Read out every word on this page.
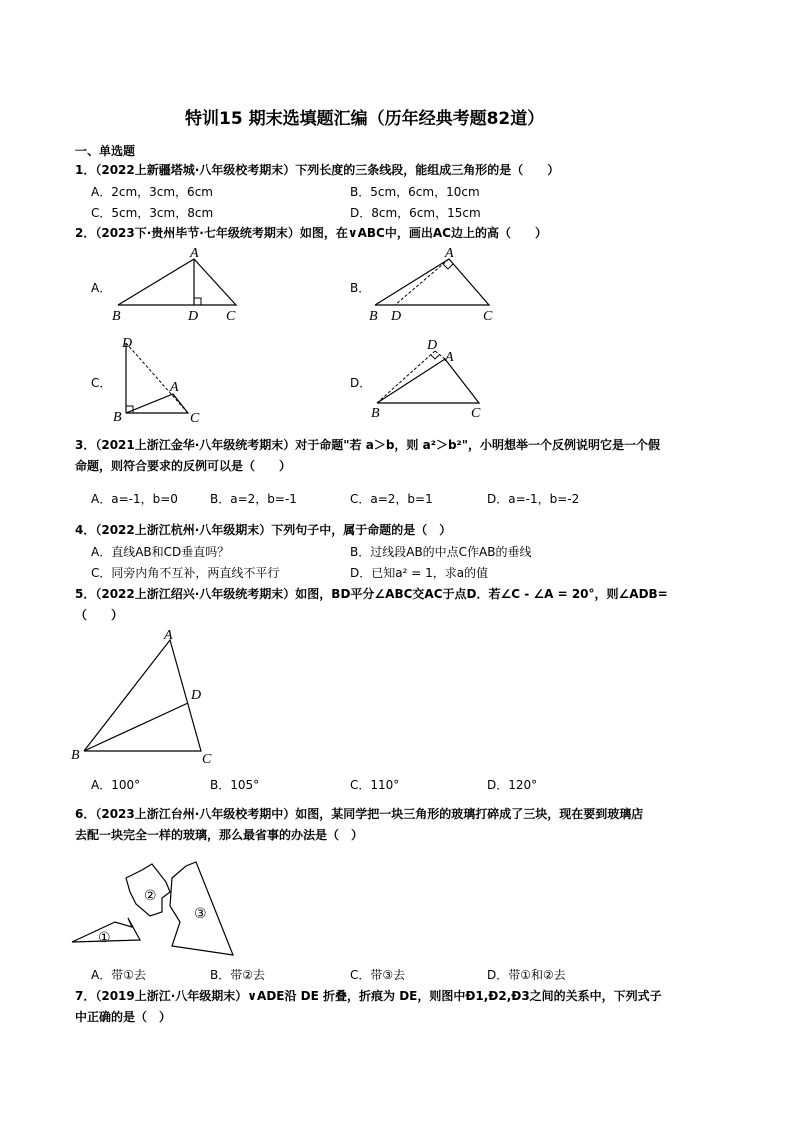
特训15 期末选填题汇编（历年经典考题82道）
一、单选题
1．（2022上新疆塔城·八年级校考期末）下列长度的三条线段，能组成三角形的是（　　）
A．2cm，3cm，6cm	B．5cm，6cm，10cm
C．5cm，3cm，8cm	D．8cm，6cm，15cm
2．（2023下·贵州毕节·七年级统考期末）如图，在∨ABC中，画出AC边上的高（　　）
A．	B．
C．	D．
A
B	D C
A
B D	C
D
A
B	C
D
A
B	C
3．（2021上浙江金华·八年级统考期末）对于命题"若 a＞b，则 a²＞b²"，小明想举一个反例说明它是一个假
命题，则符合要求的反例可以是（　　）
A．a=-1，b=0	B．a=2，b=-1	C．a=2，b=1	D．a=-1，b=-2
4．（2022上浙江杭州·八年级期末）下列句子中，属于命题的是（　）
A．直线AB和CD垂直吗？	B．过线段AB的中点C作AB的垂线
C．同旁内角不互补，两直线不平行	D．已知a² = 1，求a的值
5．（2022上浙江绍兴·八年级统考期末）如图，BD平分∠ABC交AC于点D．若∠C - ∠A = 20°，则∠ADB=
（　　）
A
D
B	C
A．100°	B．105°	C．110°	D．120°
6．（2023上浙江台州·八年级校考期中）如图，某同学把一块三角形的玻璃打碎成了三块，现在要到玻璃店
去配一块完全一样的玻璃，那么最省事的办法是（　）
①
②
③
A．带①去	B．带②去	C．带③去	D．带①和②去
7．（2019上浙江·八年级期末）∨ADE沿 DE 折叠，折痕为 DE，则图中Ð1,Ð2,Ð3之间的关系中，下列式子
中正确的是（　）
